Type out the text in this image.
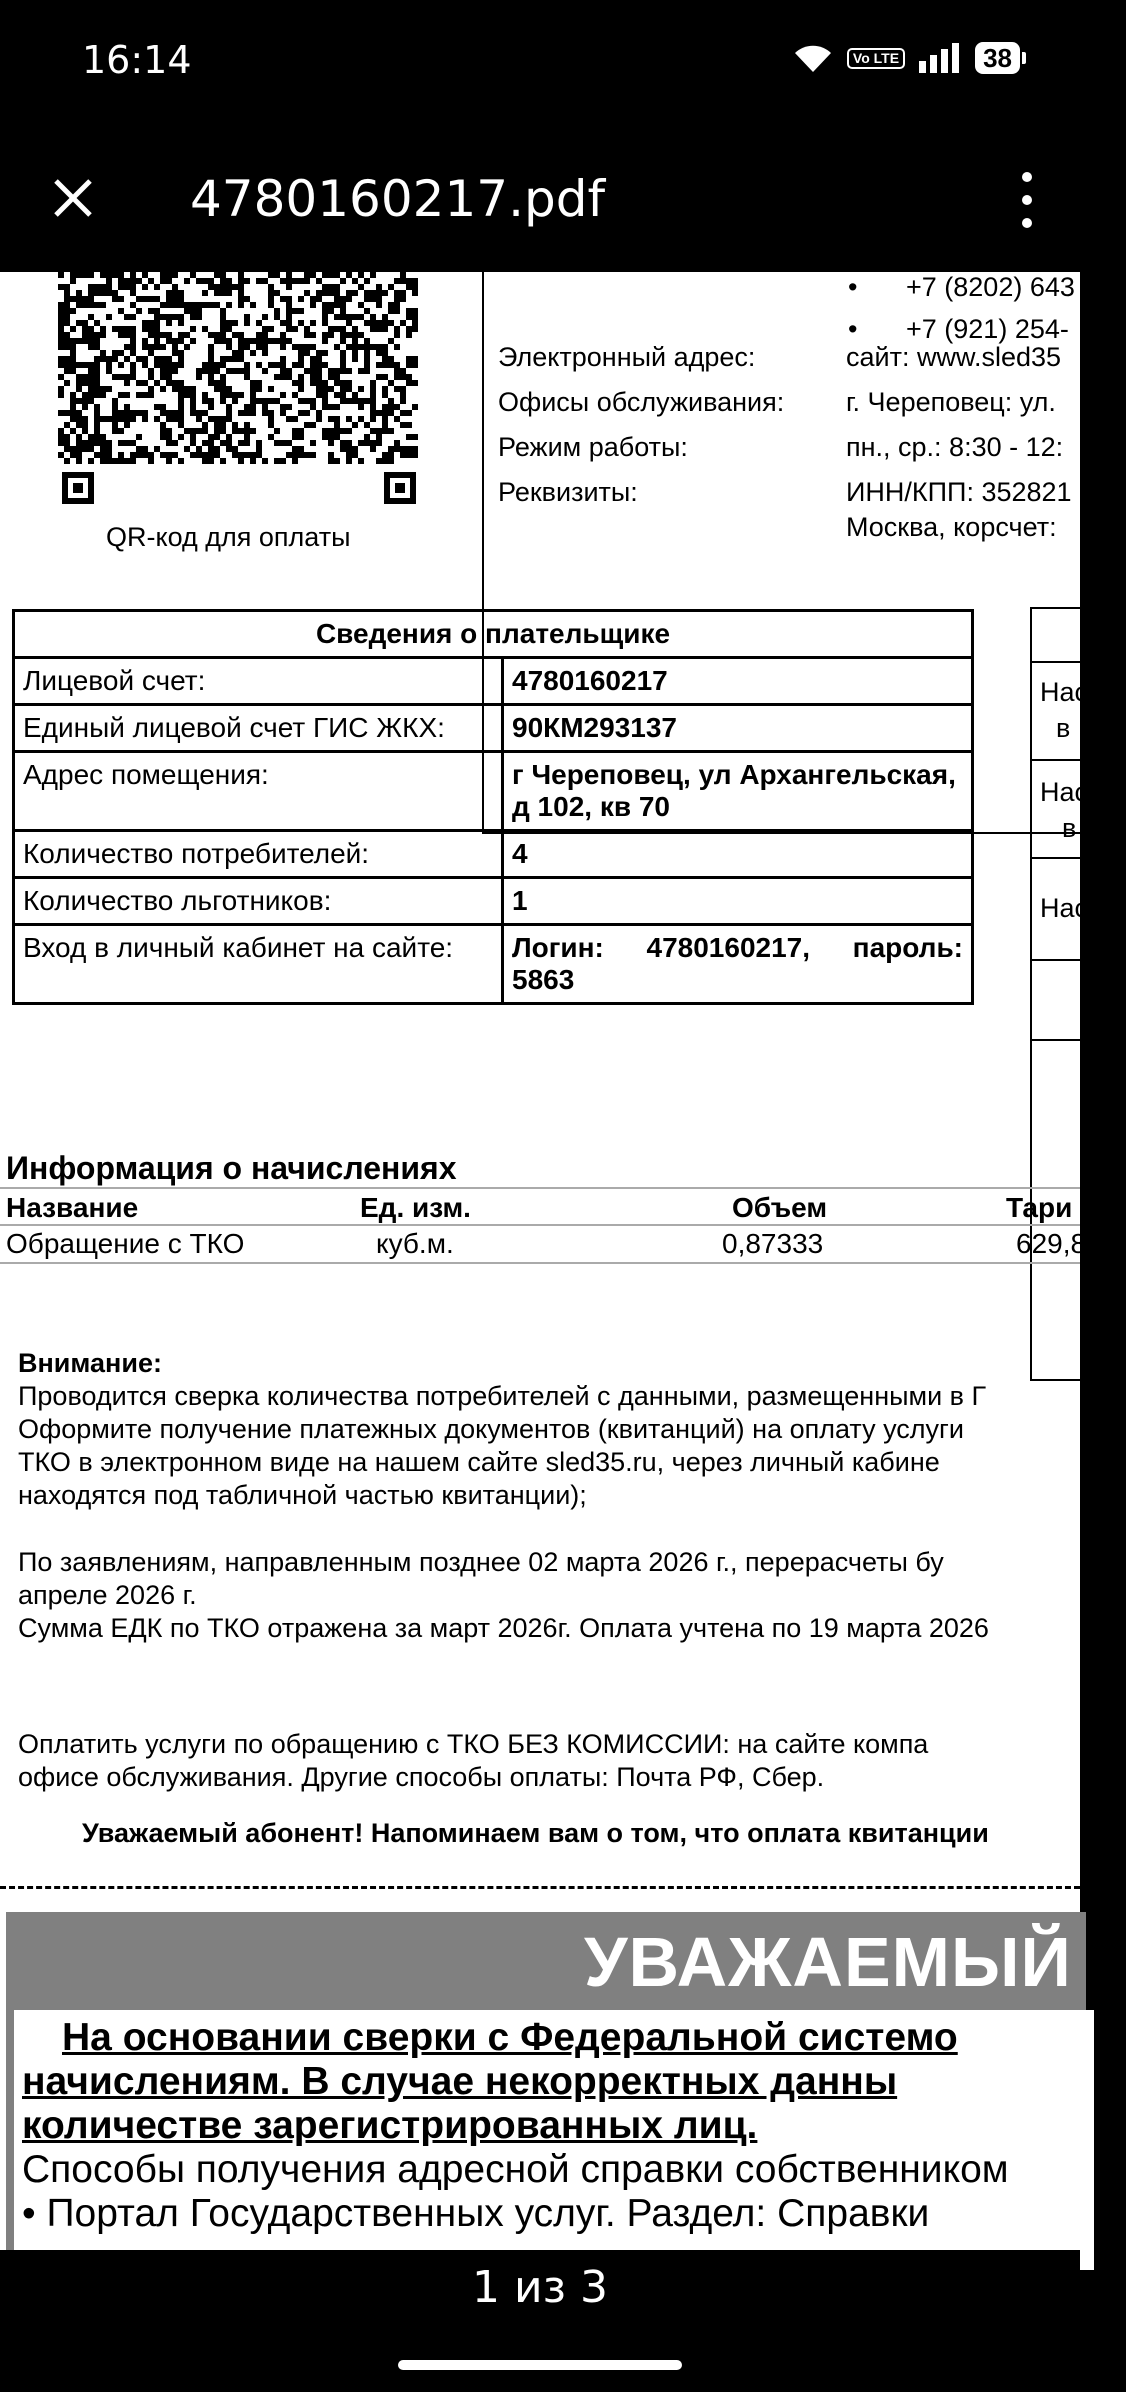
16:14	Vo LTE	38
4780160217.pdf
QR-код для оплаты
• +7 (8202) 643
• +7 (921) 254-
Электронный адрес:	сайт: www.sled35
Офисы обслуживания: г. Череповец: ул.
Режим работы:	пн., ср.: 8:30 - 12:
Реквизиты:	ИНН/КПП: 352821
Москва, корсчет:
Сведения о плательщике	
Лицевой счет:	4780160217
Единый лицевой счет ГИС ЖКХ:	90КМ293137
Адрес помещения:	г Череповец, ул Архангельская, д 102, кв 70
Количество потребителей:	4
Количество льготников:	1
Вход в личный кабинет на сайте:	Логин: 4780160217, пароль:
5863
Нас
в
Нас
в
Нас
Информация о начислениях
Название	Ед. изм.	Объем	Тари
Обращение с ТКО	куб.м.	0,87333	629,8
Внимание:
Проводится сверка количества потребителей с данными, размещенными в Г
Оформите получение платежных документов (квитанций) на оплату услуги
ТКО в электронном виде на нашем сайте sled35.ru, через личный кабине
находятся под табличной частью квитанции);
По заявлениям, направленным позднее 02 марта 2026 г., перерасчеты бу
апреле 2026 г.
Сумма ЕДК по ТКО отражена за март 2026г. Оплата учтена по 19 марта 2026
Оплатить услуги по обращению с ТКО БЕЗ КОМИССИИ: на сайте компа
офисе обслуживания. Другие способы оплаты: Почта РФ, Сбер.
Уважаемый абонент! Напоминаем вам о том, что оплата квитанции
УВАЖАЕМЫЙ
На основании сверки с Федеральной системо
начислениям. В случае некорректных данны
количестве зарегистрированных лиц.
Способы получения адресной справки собственником
• Портал Государственных услуг. Раздел: Справки
1 из 3
